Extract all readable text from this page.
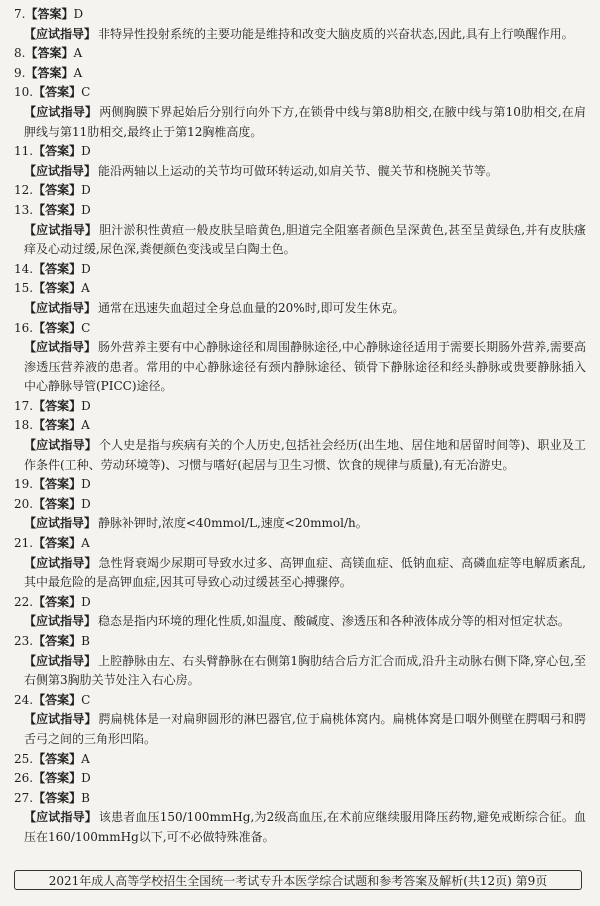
7.【答案】D
【应试指导】 非特异性投射系统的主要功能是维持和改变大脑皮质的兴奋状态,因此,具有上行唤醒作用。
8.【答案】A
9.【答案】A
10.【答案】C
【应试指导】 两侧胸膜下界起始后分别行向外下方,在锁骨中线与第8肋相交,在腋中线与第10肋相交,在肩胛线与第11肋相交,最终止于第12胸椎高度。
11.【答案】D
【应试指导】 能沿两轴以上运动的关节均可做环转运动,如肩关节、髋关节和桡腕关节等。
12.【答案】D
13.【答案】D
【应试指导】 胆汁淤积性黄疸一般皮肤呈暗黄色,胆道完全阻塞者颜色呈深黄色,甚至呈黄绿色,并有皮肤瘙痒及心动过缓,尿色深,粪便颜色变浅或呈白陶土色。
14.【答案】D
15.【答案】A
【应试指导】 通常在迅速失血超过全身总血量的20%时,即可发生休克。
16.【答案】C
【应试指导】 肠外营养主要有中心静脉途径和周围静脉途径,中心静脉途径适用于需要长期肠外营养,需要高渗透压营养液的患者。常用的中心静脉途径有颈内静脉途径、锁骨下静脉途径和经头静脉或贵要静脉插入中心静脉导管(PICC)途径。
17.【答案】D
18.【答案】A
【应试指导】 个人史是指与疾病有关的个人历史,包括社会经历(出生地、居住地和居留时间等)、职业及工作条件(工种、劳动环境等)、习惯与嗜好(起居与卫生习惯、饮食的规律与质量),有无冶游史。
19.【答案】D
20.【答案】D
【应试指导】 静脉补钾时,浓度<40mmol/L,速度<20mmol/h。
21.【答案】A
【应试指导】 急性肾衰竭少尿期可导致水过多、高钾血症、高镁血症、低钠血症、高磷血症等电解质紊乱,其中最危险的是高钾血症,因其可导致心动过缓甚至心搏骤停。
22.【答案】D
【应试指导】 稳态是指内环境的理化性质,如温度、酸碱度、渗透压和各种液体成分等的相对恒定状态。
23.【答案】B
【应试指导】 上腔静脉由左、右头臂静脉在右侧第1胸肋结合后方汇合而成,沿升主动脉右侧下降,穿心包,至右侧第3胸肋关节处注入右心房。
24.【答案】C
【应试指导】 腭扁桃体是一对扁卵圆形的淋巴器官,位于扁桃体窝内。扁桃体窝是口咽外侧壁在腭咽弓和腭舌弓之间的三角形凹陷。
25.【答案】A
26.【答案】D
27.【答案】B
【应试指导】 该患者血压150/100mmHg,为2级高血压,在术前应继续服用降压药物,避免戒断综合征。血压在160/100mmHg以下,可不必做特殊准备。
2021年成人高等学校招生全国统一考试专升本医学综合试题和参考答案及解析(共12页) 第9页
